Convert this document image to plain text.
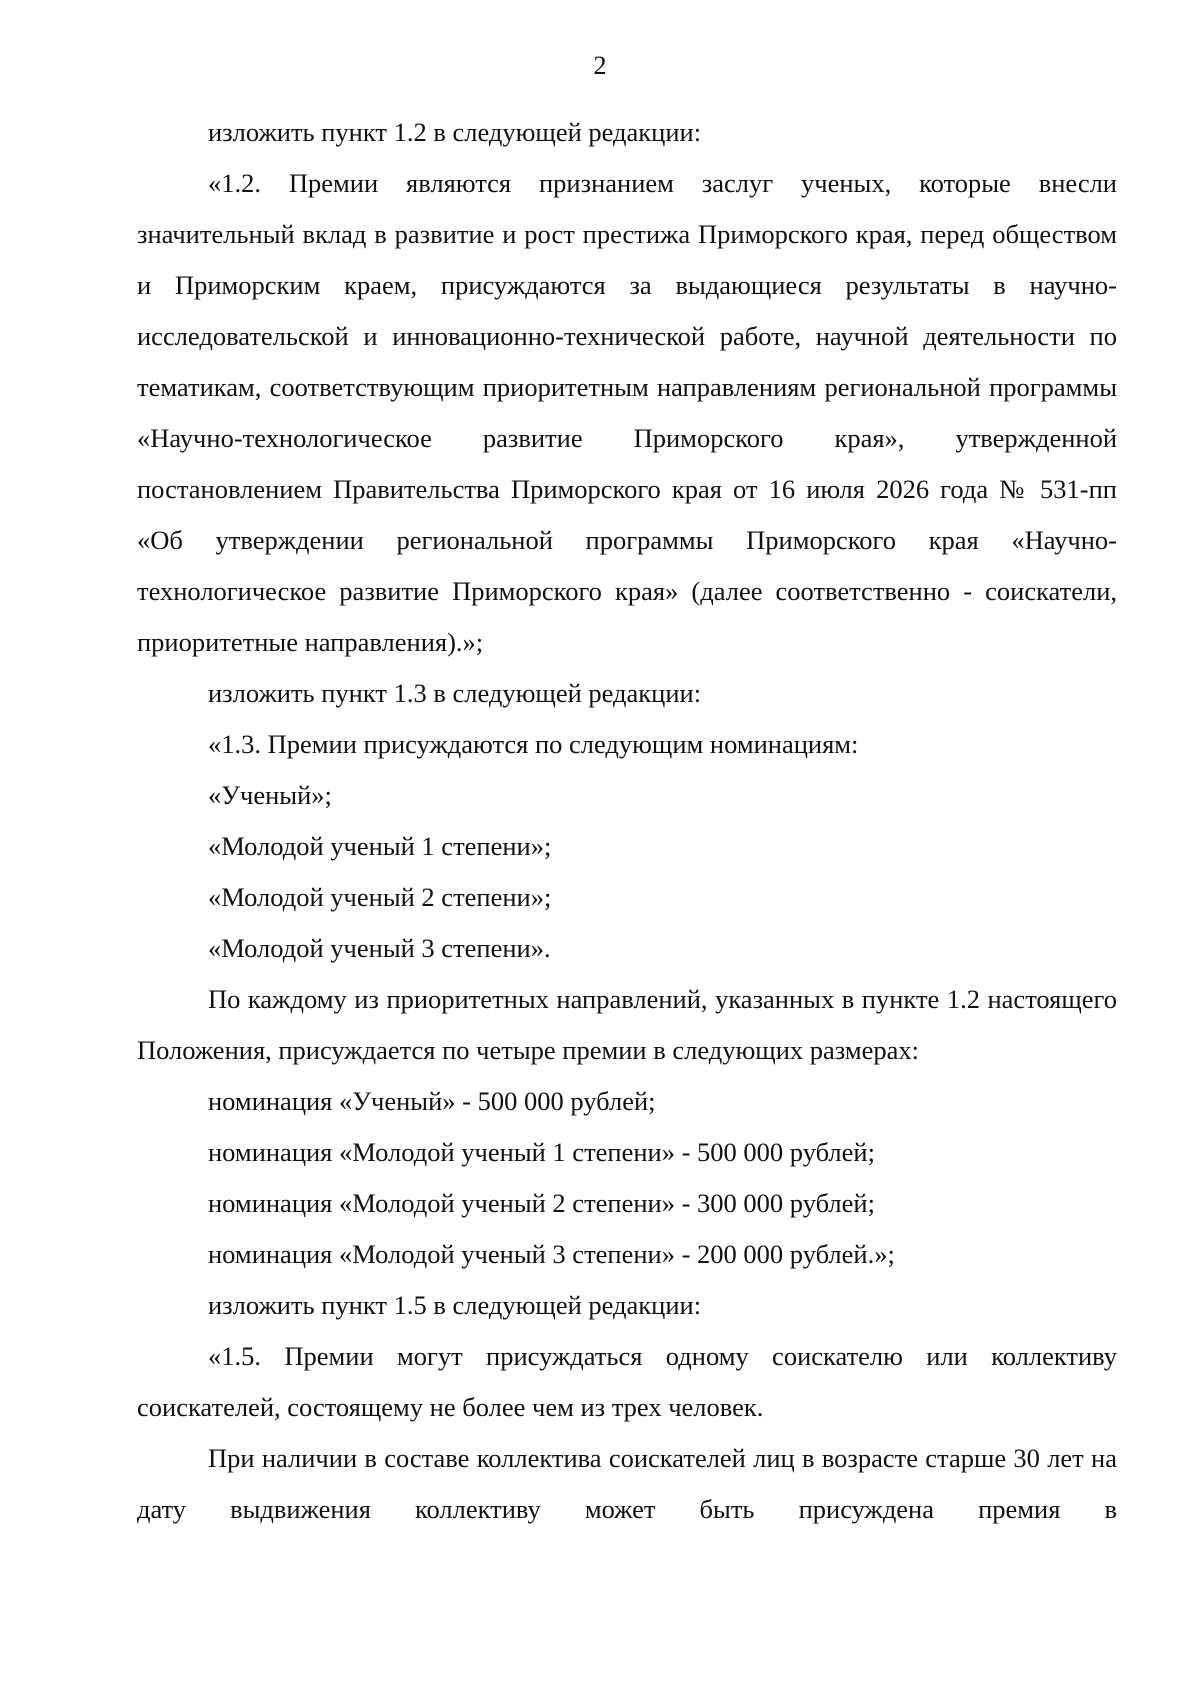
2

изложить пункт 1.2 в следующей редакции:

«1.2. Премии являются признанием заслуг ученых, которые внесли значительный вклад в развитие и рост престижа Приморского края, перед обществом и Приморским краем, присуждаются за выдающиеся результаты в научно-исследовательской и инновационно-технической работе, научной деятельности по тематикам, соответствующим приоритетным направлениям региональной программы «Научно-технологическое развитие Приморского края», утвержденной постановлением Правительства Приморского края от 16 июля 2026 года № 531-пп «Об утверждении региональной программы Приморского края «Научно-технологическое развитие Приморского края» (далее соответственно - соискатели, приоритетные направления).»;

изложить пункт 1.3 в следующей редакции:

«1.3. Премии присуждаются по следующим номинациям:

«Ученый»;

«Молодой ученый 1 степени»;

«Молодой ученый 2 степени»;

«Молодой ученый 3 степени».

По каждому из приоритетных направлений, указанных в пункте 1.2 настоящего Положения, присуждается по четыре премии в следующих размерах:

номинация «Ученый» - 500 000 рублей;

номинация «Молодой ученый 1 степени» - 500 000 рублей;

номинация «Молодой ученый 2 степени» - 300 000 рублей;

номинация «Молодой ученый 3 степени» - 200 000 рублей.»;

изложить пункт 1.5 в следующей редакции:

«1.5. Премии могут присуждаться одному соискателю или коллективу соискателей, состоящему не более чем из трех человек.

При наличии в составе коллектива соискателей лиц в возрасте старше 30 лет на дату выдвижения коллективу может быть присуждена премия в
